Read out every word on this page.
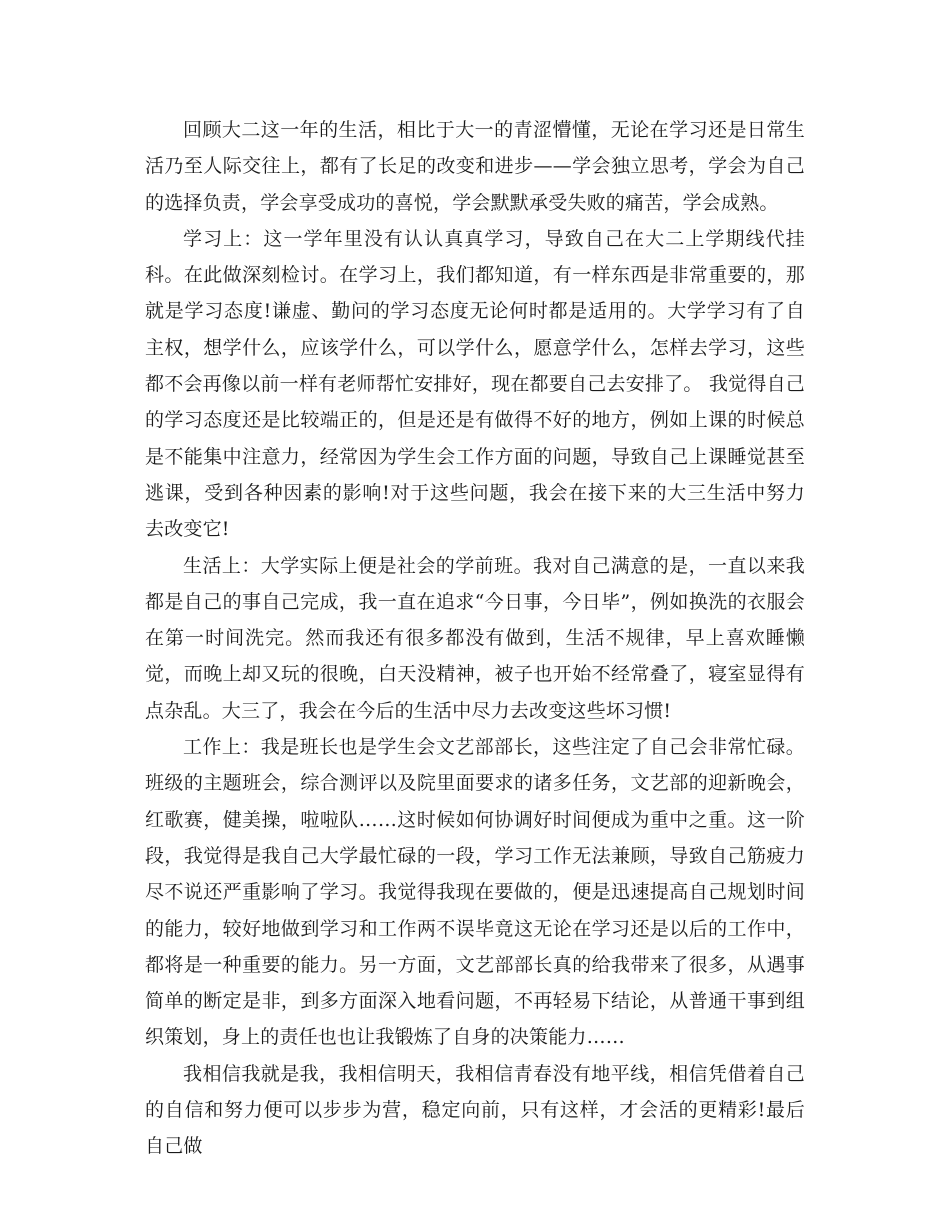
回顾大二这一年的生活，相比于大一的青涩懵懂，无论在学习还是日常生活乃至人际交往上，都有了长足的改变和进步——学会独立思考，学会为自己的选择负责，学会享受成功的喜悦，学会默默承受失败的痛苦，学会成熟。

学习上：这一学年里没有认认真真学习，导致自己在大二上学期线代挂科。在此做深刻检讨。在学习上，我们都知道，有一样东西是非常重要的，那就是学习态度!谦虚、勤问的学习态度无论何时都是适用的。大学学习有了自主权，想学什么，应该学什么，可以学什么，愿意学什么，怎样去学习，这些都不会再像以前一样有老师帮忙安排好，现在都要自己去安排了。 我觉得自己的学习态度还是比较端正的，但是还是有做得不好的地方，例如上课的时候总是不能集中注意力，经常因为学生会工作方面的问题，导致自己上课睡觉甚至逃课，受到各种因素的影响!对于这些问题，我会在接下来的大三生活中努力去改变它!

生活上：大学实际上便是社会的学前班。我对自己满意的是，一直以来我都是自己的事自己完成，我一直在追求“今日事，今日毕”，例如换洗的衣服会在第一时间洗完。然而我还有很多都没有做到，生活不规律，早上喜欢睡懒觉，而晚上却又玩的很晚，白天没精神，被子也开始不经常叠了，寝室显得有点杂乱。大三了，我会在今后的生活中尽力去改变这些坏习惯!

工作上：我是班长也是学生会文艺部部长，这些注定了自己会非常忙碌。班级的主题班会，综合测评以及院里面要求的诸多任务，文艺部的迎新晚会，红歌赛，健美操，啦啦队……这时候如何协调好时间便成为重中之重。这一阶段，我觉得是我自己大学最忙碌的一段，学习工作无法兼顾，导致自己筋疲力尽不说还严重影响了学习。我觉得我现在要做的，便是迅速提高自己规划时间的能力，较好地做到学习和工作两不误毕竟这无论在学习还是以后的工作中，都将是一种重要的能力。另一方面，文艺部部长真的给我带来了很多，从遇事简单的断定是非，到多方面深入地看问题，不再轻易下结论，从普通干事到组织策划，身上的责任也也让我锻炼了自身的决策能力……

我相信我就是我，我相信明天，我相信青春没有地平线，相信凭借着自己的自信和努力便可以步步为营，稳定向前，只有这样，才会活的更精彩!最后自己做
